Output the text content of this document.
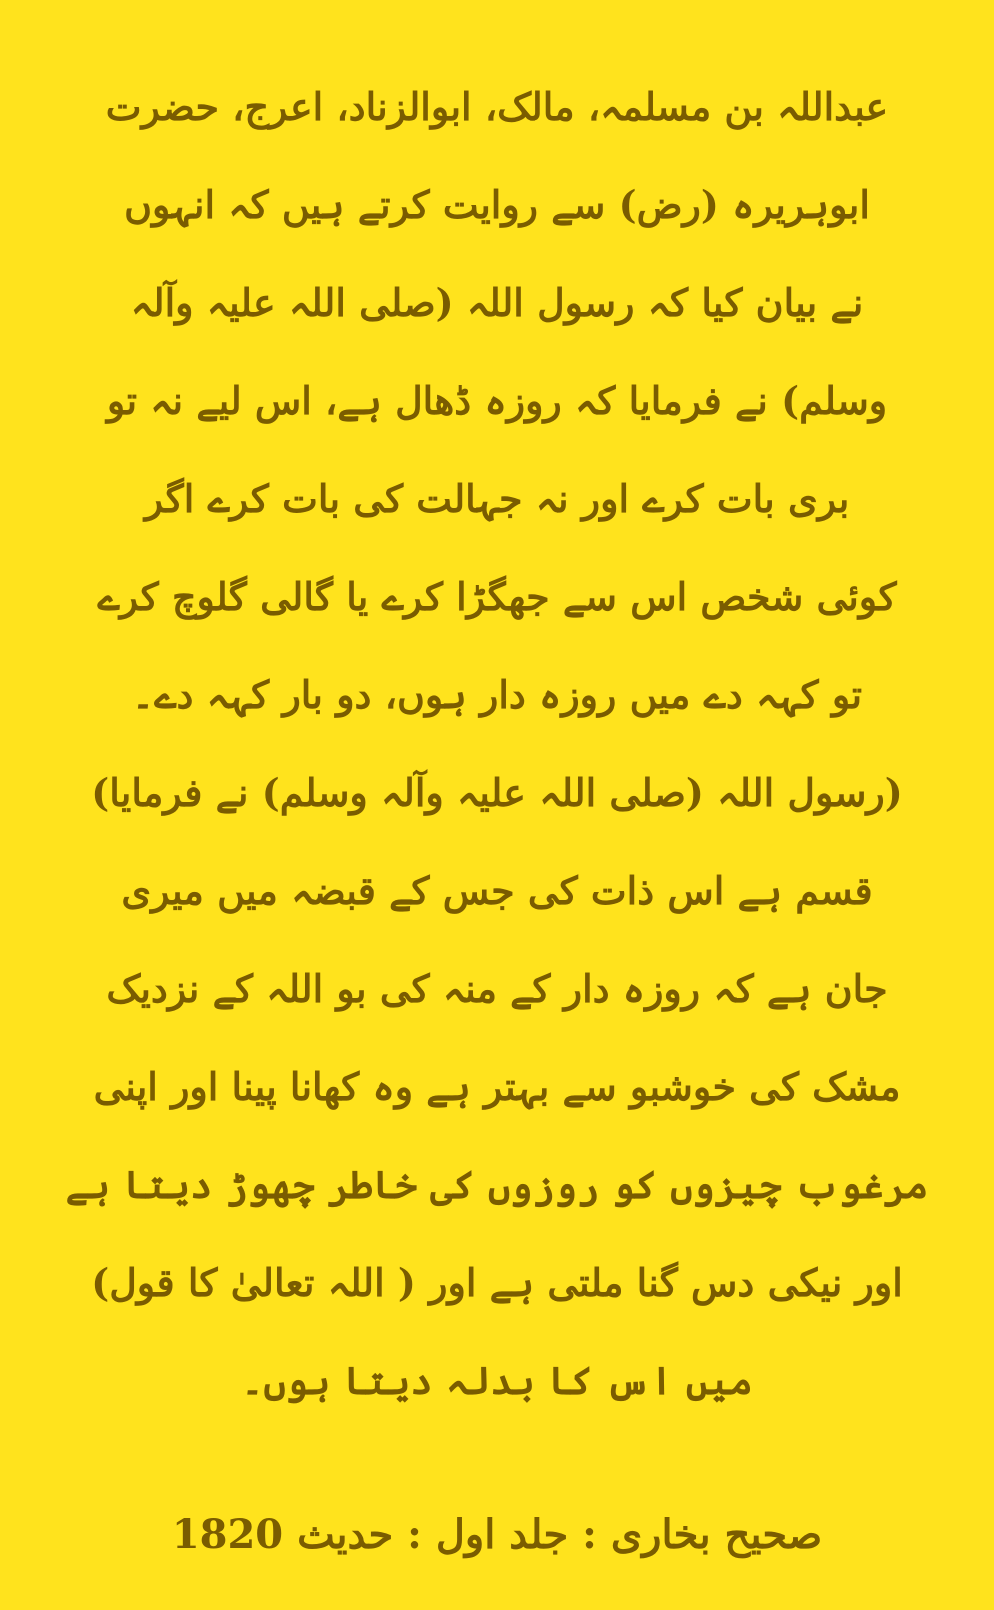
عبداللہ بن مسلمہ، مالک، ابوالزناد، اعرج، حضرت
ابوہریرہ (رض) سے روایت کرتے ہیں کہ انہوں
نے بیان کیا کہ رسول اللہ (صلی اللہ علیہ وآلہ
وسلم) نے فرمایا کہ روزہ ڈھال ہے، اس لیے نہ تو
بری بات کرے اور نہ جہالت کی بات کرے اگر
کوئی شخص اس سے جھگڑا کرے یا گالی گلوچ کرے
تو کہہ دے میں روزہ دار ہوں، دو بار کہہ دے۔
(رسول اللہ (صلی اللہ علیہ وآلہ وسلم) نے فرمایا)
قسم ہے اس ذات کی جس کے قبضہ میں میری
جان ہے کہ روزہ دار کے منہ کی بو اللہ کے نزدیک
مشک کی خوشبو سے بہتر ہے وہ کھانا پینا اور اپنی
مرغوب چیزوں کو روزوں کی خاطر چھوڑ دیتا ہے
اور نیکی دس گنا ملتی ہے اور ( اللہ تعالیٰ کا قول)
میں اس کا بدلہ دیتا ہوں۔
صحیح بخاری : جلد اول : حدیث 1820
